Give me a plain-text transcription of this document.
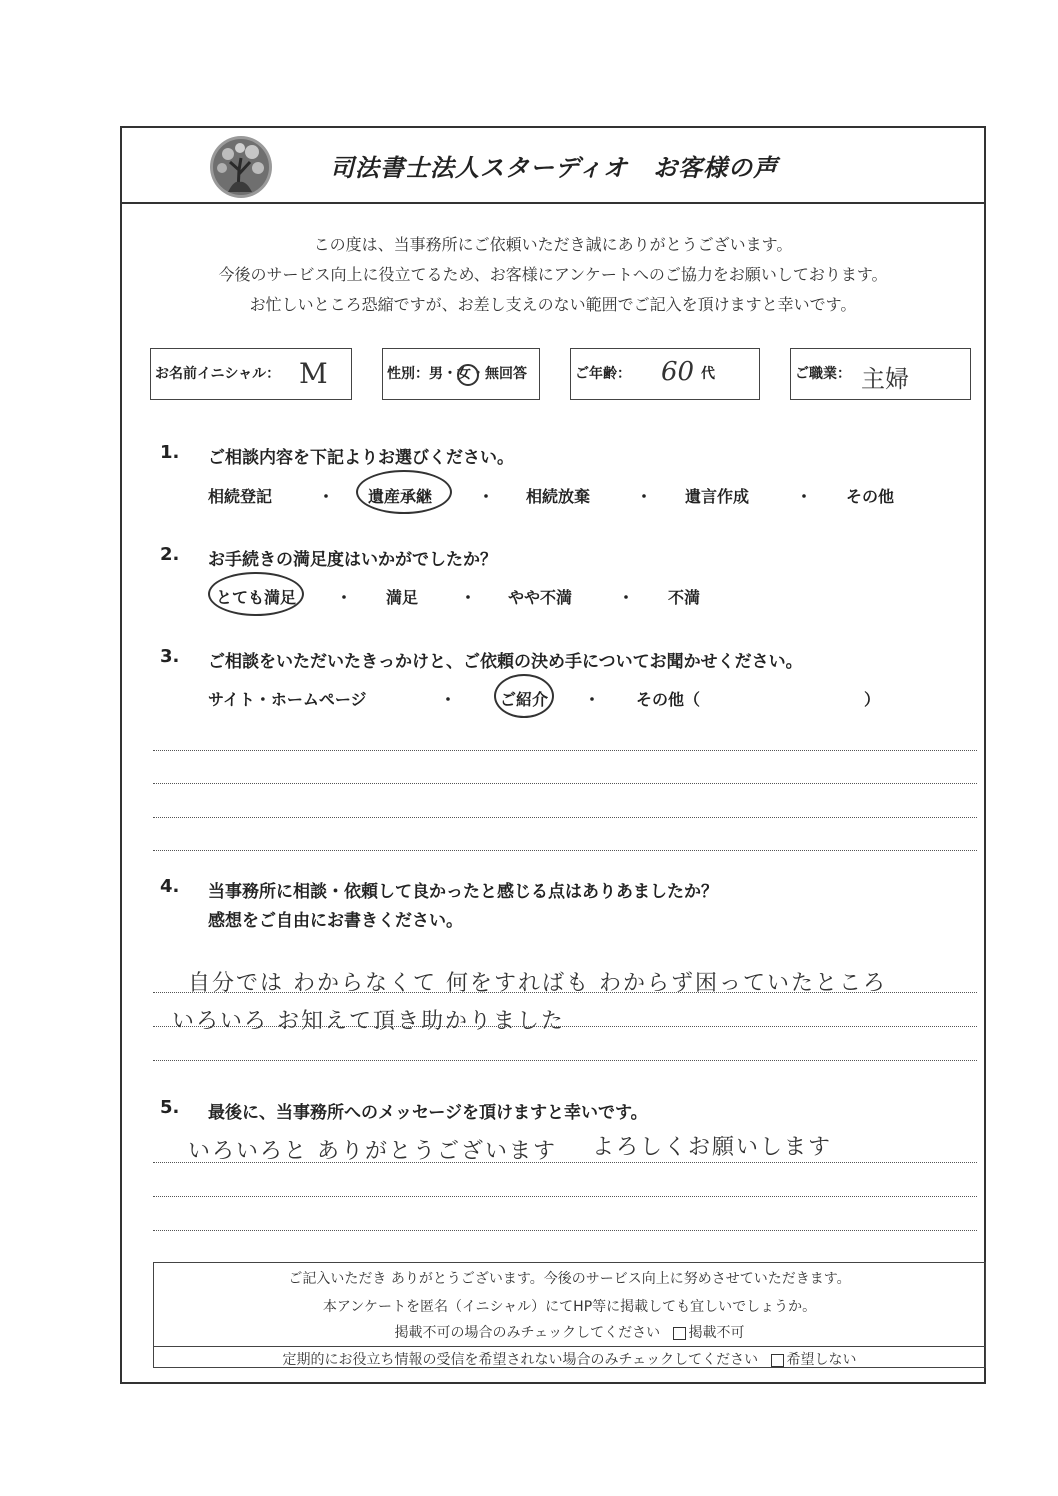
司法書士法人スターディオ　お客様の声
この度は、当事務所にご依頼いただき誠にありがとうございます。
今後のサービス向上に役立てるため、お客様にアンケートへのご協力をお願いしております。
お忙しいところ恐縮ですが、お差し支えのない範囲でご記入を頂けますと幸いです。
お名前イニシャル： M	性別：男・女・無回答	ご年齢： 60 代	ご職業： 主婦
1. ご相談内容を下記よりお選びください。
相続登記	・ 遺産承継	・ 相続放棄	・ 遺言作成	・ その他
2. お手続きの満足度はいかがでしたか？
とても満足 ・ 満足	・ やや不満	・ 不満
3. ご相談をいただいたきっかけと、ご依頼の決め手についてお聞かせください。
サイト・ホームページ	・	ご紹介 ・ その他（	）
4. 当事務所に相談・依頼して良かったと感じる点はありあましたか？
感想をご自由にお書きください。
自分では わからなくて 何をすればも わからず困っていたところ
いろいろ お知えて頂き助かりました
5. 最後に、当事務所へのメッセージを頂けますと幸いです。
いろいろと ありがとうございます よろしくお願いします
ご記入いただき ありがとうございます。今後のサービス向上に努めさせていただきます。
本アンケートを匿名（イニシャル）にてHP等に掲載しても宜しいでしょうか。
掲載不可の場合のみチェックしてください 掲載不可
定期的にお役立ち情報の受信を希望されない場合のみチェックしてください 希望しない
